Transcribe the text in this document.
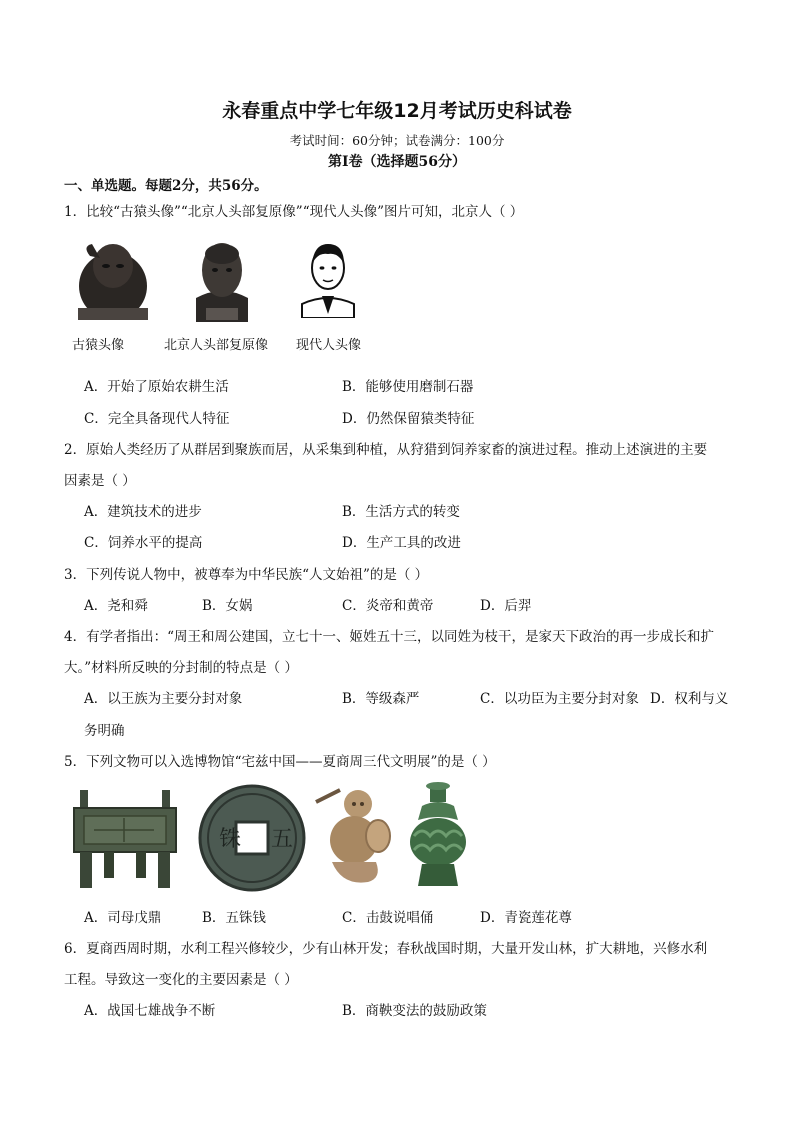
永春重点中学七年级12月考试历史科试卷
考试时间：60分钟；试卷满分：100分
第Ⅰ卷（选择题56分）
一、单选题。每题2分，共56分。
1．比较“古猿头像”“北京人头部复原像”“现代人头像”图片可知，北京人（ ）
古猿头像	北京人头部复原像 现代人头像
A．开始了原始农耕生活	B．能够使用磨制石器
C．完全具备现代人特征	D．仍然保留猿类特征
2．原始人类经历了从群居到聚族而居，从采集到种植，从狩猎到饲养家畜的演进过程。推动上述演进的主要
因素是（ ）
A．建筑技术的进步	B．生活方式的转变
C．饲养水平的提高	D．生产工具的改进
3．下列传说人物中，被尊奉为中华民族“人文始祖”的是（ ）
A．尧和舜	B．女娲	C．炎帝和黄帝	D．后羿
4．有学者指出：“周王和周公建国，立七十一、姬姓五十三，以同姓为枝干，是家天下政治的再一步成长和扩
大。”材料所反映的分封制的特点是（ ）
A．以王族为主要分封对象	B．等级森严	C．以功臣为主要分封对象 D．权利与义
务明确
5．下列文物可以入选博物馆“宅兹中国——夏商周三代文明展”的是（ ）
铢 五
A．司母戊鼎	B．五铢钱	C．击鼓说唱俑	D．青瓷莲花尊
6．夏商西周时期，水利工程兴修较少，少有山林开发；春秋战国时期，大量开发山林，扩大耕地，兴修水利
工程。导致这一变化的主要因素是（ ）
A．战国七雄战争不断	B．商鞅变法的鼓励政策
